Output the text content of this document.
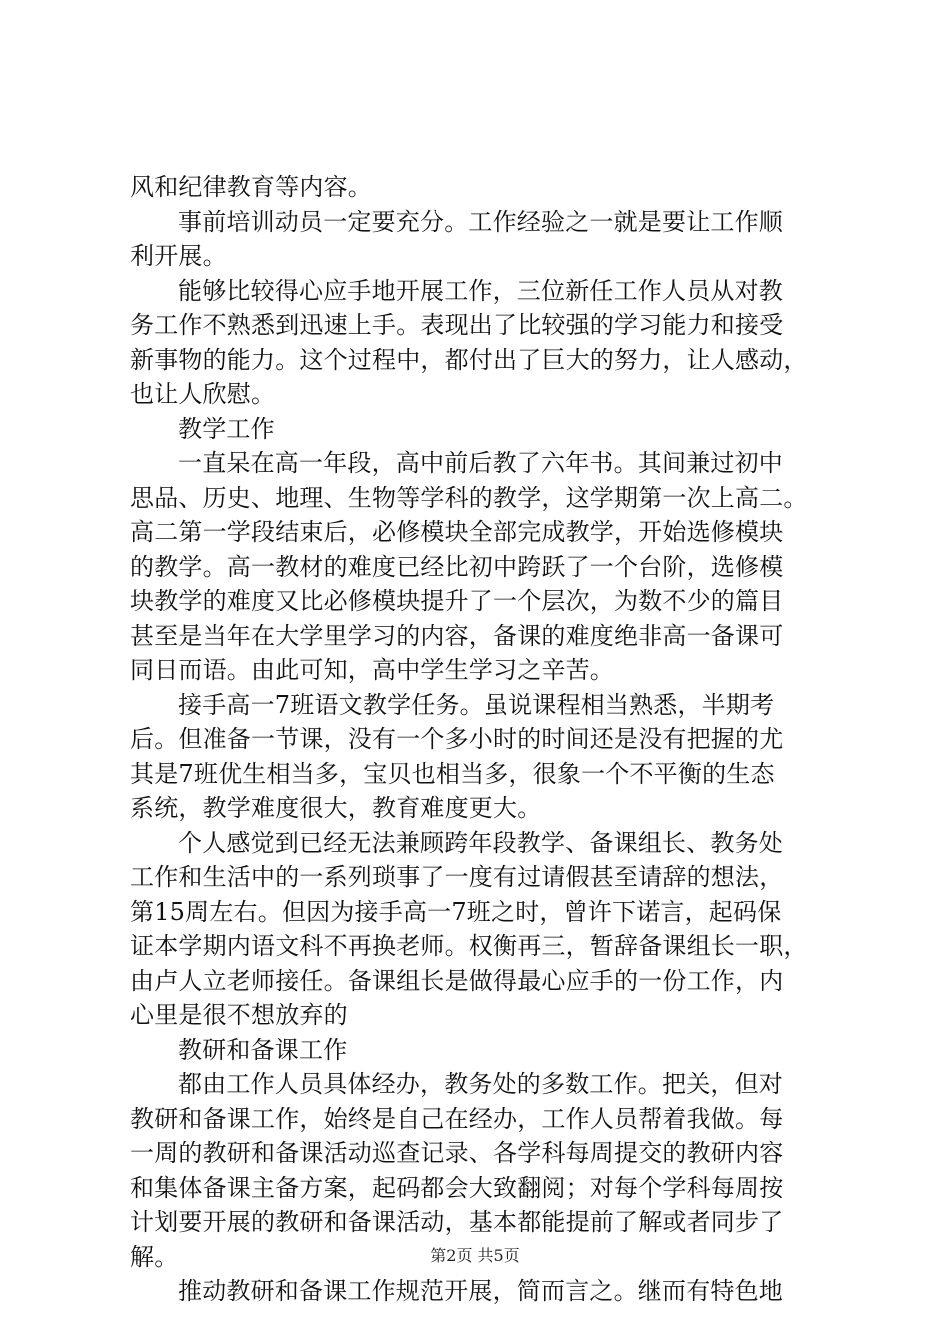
风和纪律教育等内容。
事前培训动员一定要充分。工作经验之一就是要让工作顺
利开展。
能够比较得心应手地开展工作，三位新任工作人员从对教
务工作不熟悉到迅速上手。表现出了比较强的学习能力和接受
新事物的能力。这个过程中，都付出了巨大的努力，让人感动，
也让人欣慰。
教学工作
一直呆在高一年段，高中前后教了六年书。其间兼过初中
思品、历史、地理、生物等学科的教学，这学期第一次上高二。
高二第一学段结束后，必修模块全部完成教学，开始选修模块
的教学。高一教材的难度已经比初中跨跃了一个台阶，选修模
块教学的难度又比必修模块提升了一个层次，为数不少的篇目
甚至是当年在大学里学习的内容，备课的难度绝非高一备课可
同日而语。由此可知，高中学生学习之辛苦。
接手高一7班语文教学任务。虽说课程相当熟悉，半期考
后。但准备一节课，没有一个多小时的时间还是没有把握的尤
其是7班优生相当多，宝贝也相当多，很象一个不平衡的生态
系统，教学难度很大，教育难度更大。
个人感觉到已经无法兼顾跨年段教学、备课组长、教务处
工作和生活中的一系列琐事了一度有过请假甚至请辞的想法，
第15周左右。但因为接手高一7班之时，曾许下诺言，起码保
证本学期内语文科不再换老师。权衡再三，暂辞备课组长一职，
由卢人立老师接任。备课组长是做得最心应手的一份工作，内
心里是很不想放弃的
教研和备课工作
都由工作人员具体经办，教务处的多数工作。把关，但对
教研和备课工作，始终是自己在经办，工作人员帮着我做。每
一周的教研和备课活动巡查记录、各学科每周提交的教研内容
和集体备课主备方案，起码都会大致翻阅；对每个学科每周按
计划要开展的教研和备课活动，基本都能提前了解或者同步了
解。
推动教研和备课工作规范开展，简而言之。继而有特色地
第2页 共5页
